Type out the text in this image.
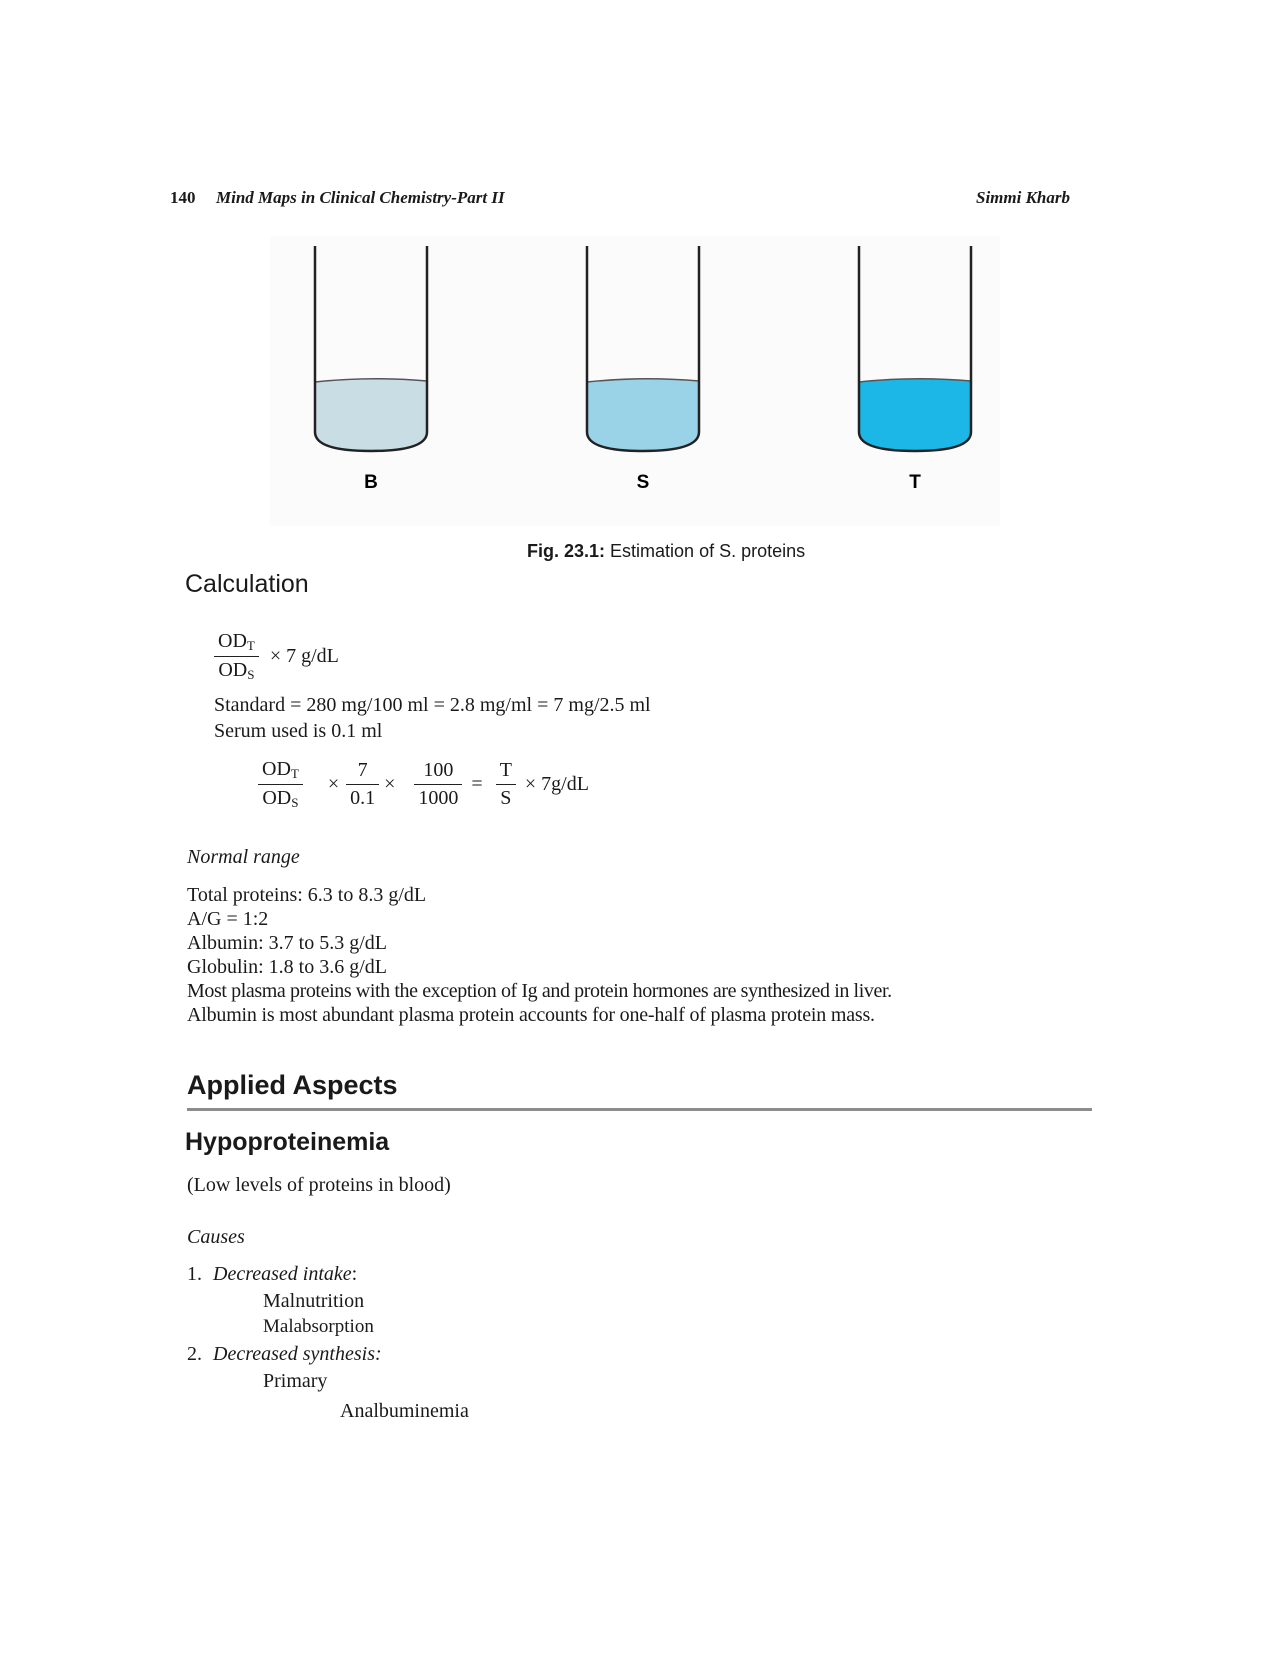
140 Mind Maps in Clinical Chemistry-Part II	Simmi Kharb
B	S	T
Fig. 23.1: Estimation of S. proteins
Calculation
$\frac{OD_T}{OD_S} \times 7$ g/dL
Standard = 280 mg/100 ml = 2.8 mg/ml = 7 mg/2.5 ml
Serum used is 0.1 ml
$\frac{OD_T}{OD_S} \times \frac{7}{0.1} \times \frac{100}{1000} = \frac{T}{S} \times 7g/dL$
Normal range
Total proteins: 6.3 to 8.3 g/dL
A/G = 1:2
Albumin: 3.7 to 5.3 g/dL
Globulin: 1.8 to 3.6 g/dL
Most plasma proteins with the exception of Ig and protein hormones are synthesized in liver.
Albumin is most abundant plasma protein accounts for one-half of plasma protein mass.
Applied Aspects
Hypoproteinemia
(Low levels of proteins in blood)
Causes
1. Decreased intake:
Malnutrition
Malabsorption
2. Decreased synthesis:
Primary
Analbuminemia
